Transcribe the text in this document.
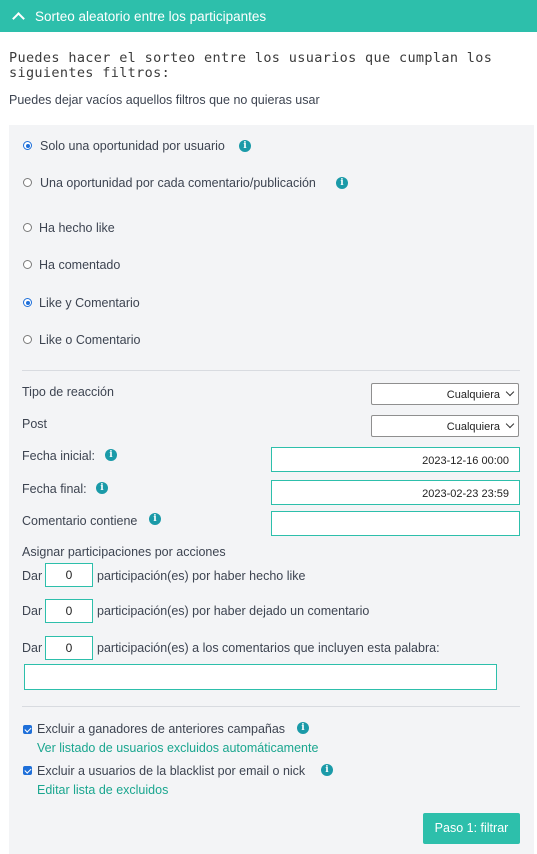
Sorteo aleatorio entre los participantes
Puedes hacer el sorteo entre los usuarios que cumplan los
siguientes filtros:
Puedes dejar vacíos aquellos filtros que no quieras usar
Solo una oportunidad por usuario	i
Una oportunidad por cada comentario/publicación	i
Ha hecho like
Ha comentado
Like y Comentario
Like o Comentario
Tipo de reacción	Cualquiera
Post	Cualquiera
Fecha inicial:	i	2023-12-16 00:00
Fecha final:	i	2023-02-23 23:59
Comentario contiene	i
Asignar participaciones por acciones
Dar	0	participación(es) por haber hecho like
Dar	0	participación(es) por haber dejado un comentario
Dar	0	participación(es) a los comentarios que incluyen esta palabra:
Excluir a ganadores de anteriores campañas	i
Ver listado de usuarios excluidos automáticamente
Excluir a usuarios de la blacklist por email o nick	i
Editar lista de excluidos
Paso 1: filtrar
